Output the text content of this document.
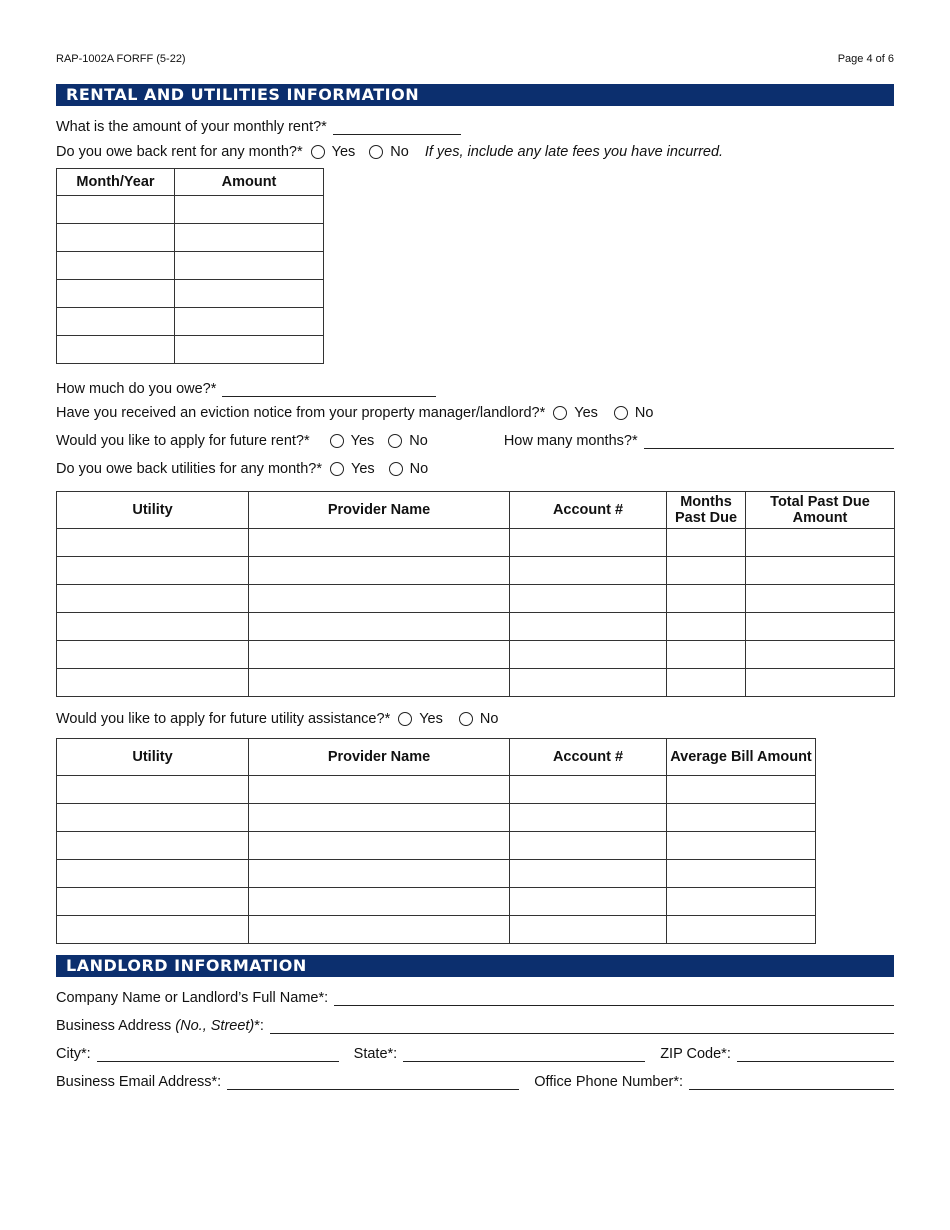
RAP-1002A FORFF (5-22)	Page 4 of 6
RENTAL AND UTILITIES INFORMATION
What is the amount of your monthly rent?*
Do you owe back rent for any month?* Yes No If yes, include any late fees you have incurred.
Month/Year	Amount

How much do you owe?*
Have you received an eviction notice from your property manager/landlord?* Yes	No
Would you like to apply for future rent?*	Yes No	How many months?*
Do you owe back utilities for any month?* Yes No
Utility	Provider Name	Account #	Months Past Due	Total Past Due Amount

Would you like to apply for future utility assistance?* Yes	No
Utility	Provider Name	Account #	Average Bill Amount

LANDLORD INFORMATION
Company Name or Landlord’s Full Name*:
Business Address (No., Street)*:
City*:	State*:	ZIP Code*:
Business Email Address*:	Office Phone Number*:
